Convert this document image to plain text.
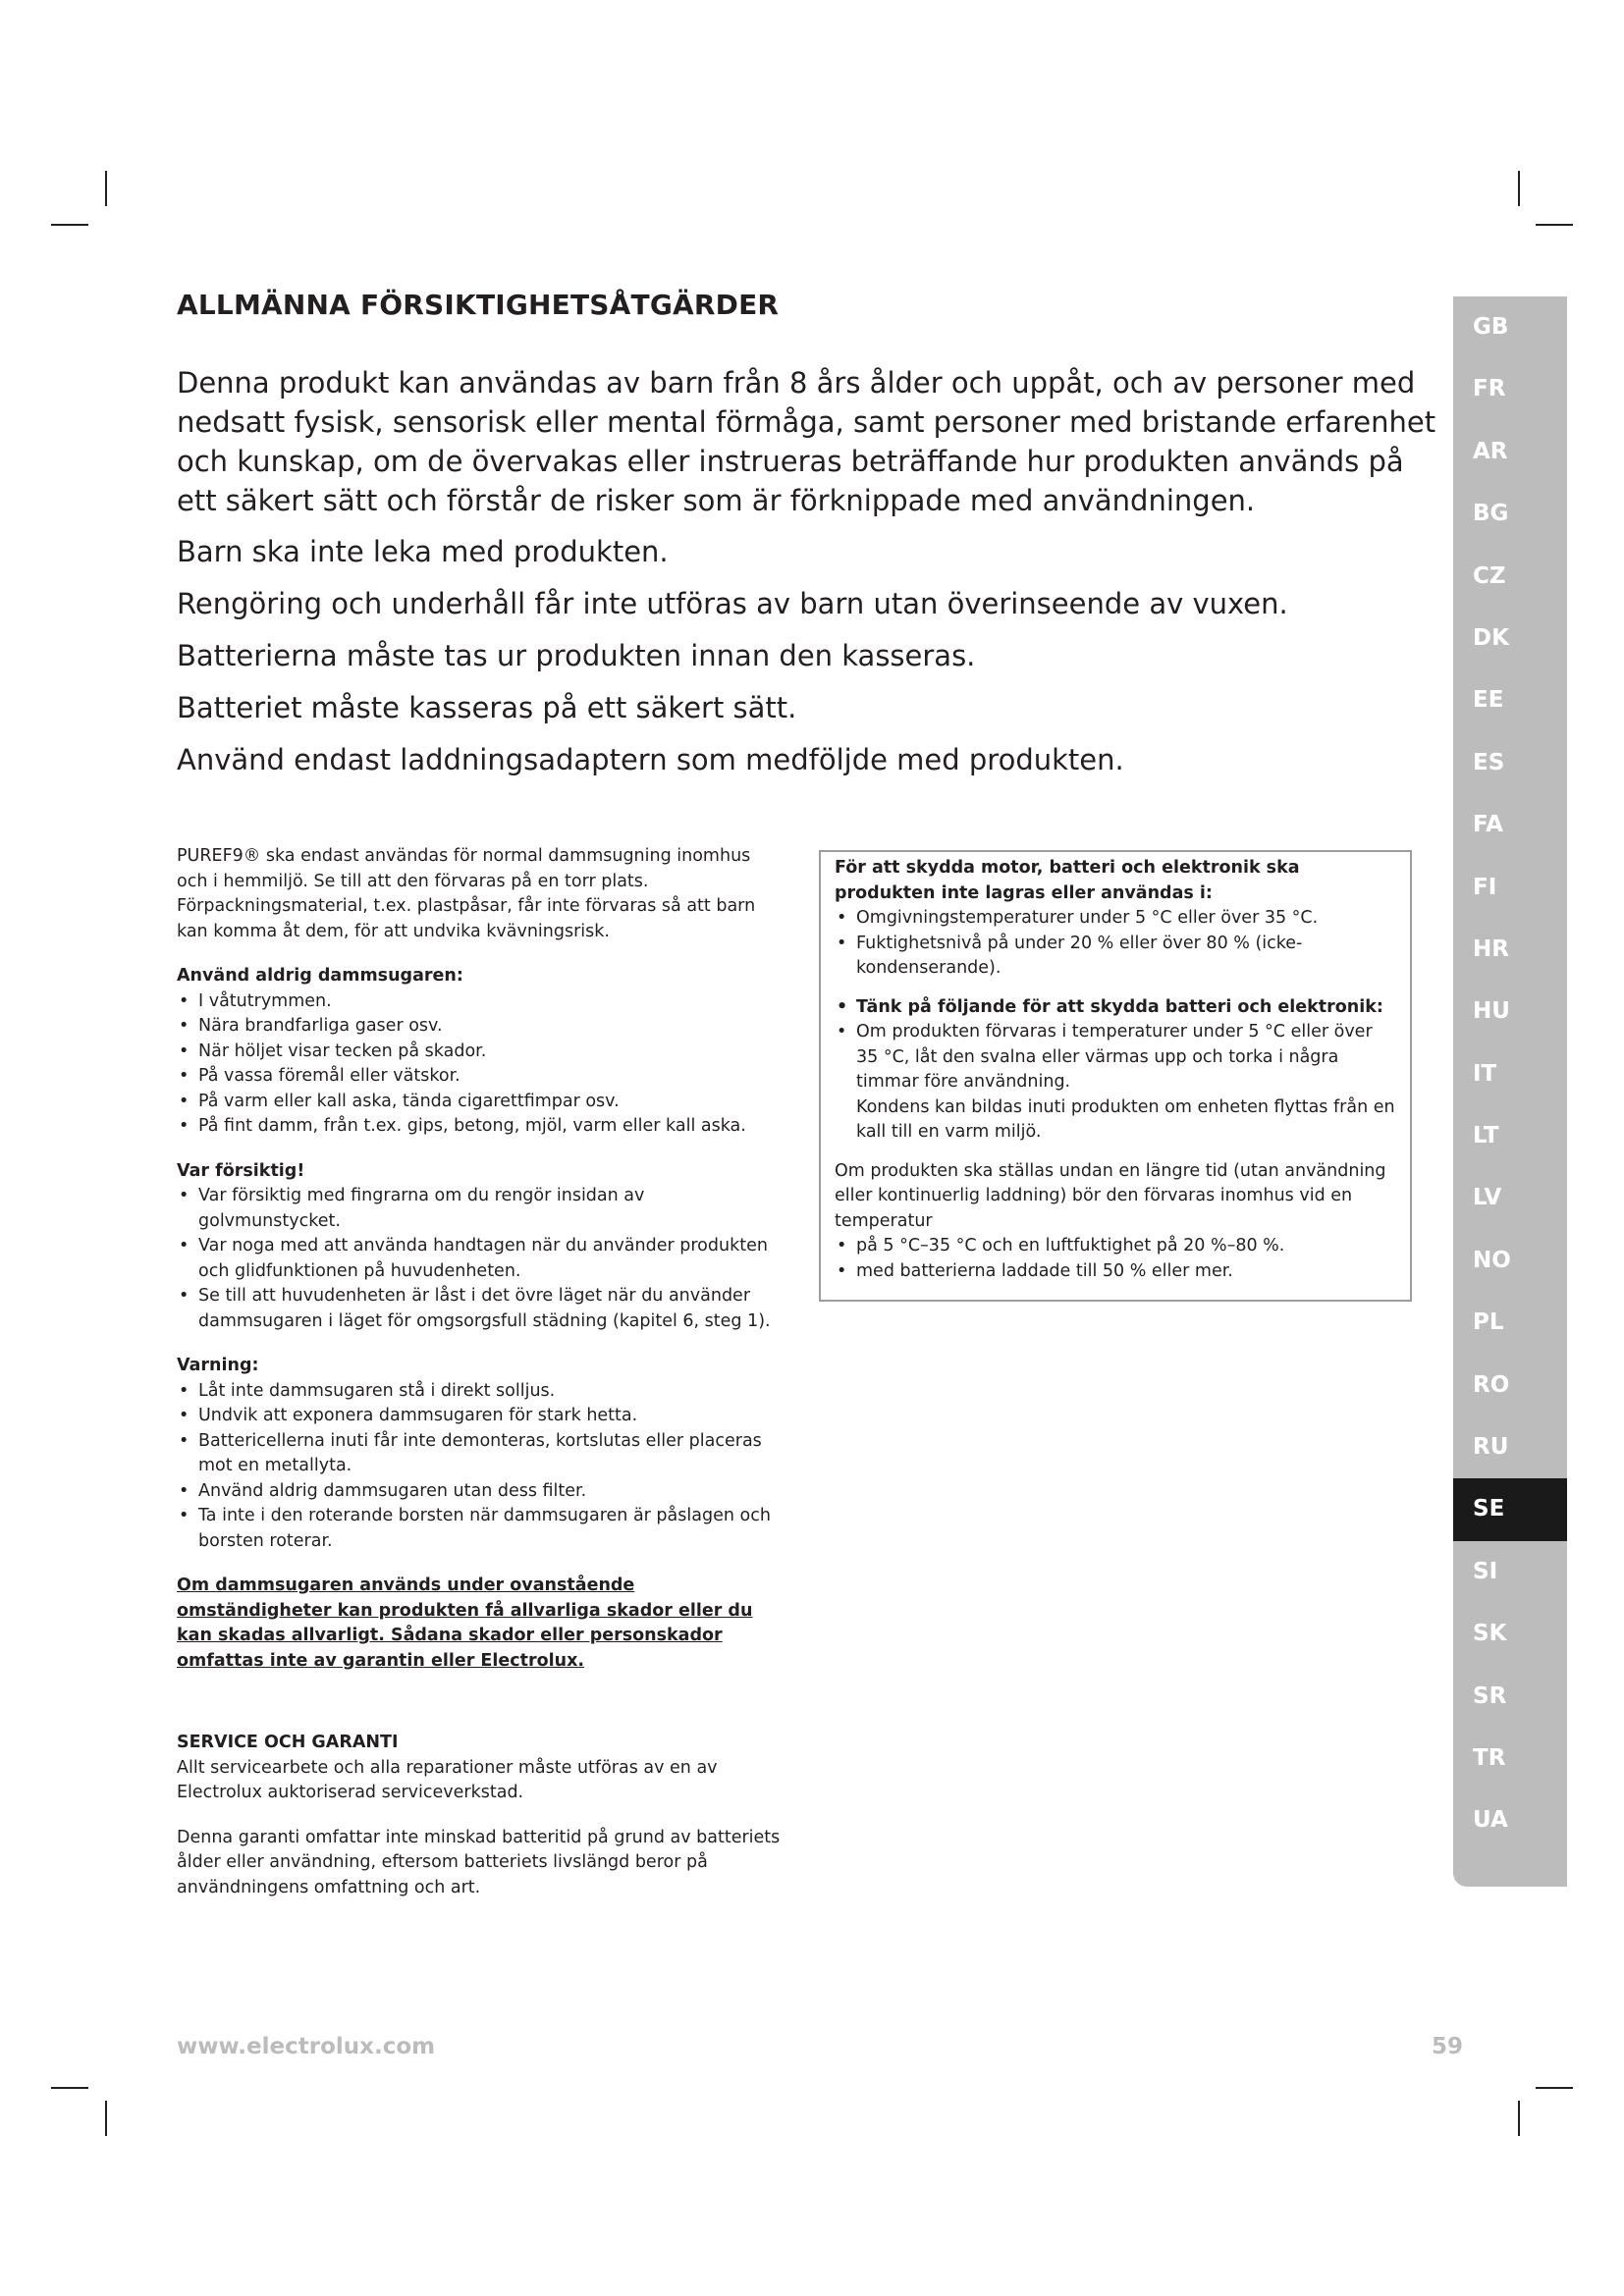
ALLMÄNNA FÖRSIKTIGHETSÅTGÄRDER

Denna produkt kan användas av barn från 8 års ålder och uppåt, och av personer med nedsatt fysisk, sensorisk eller mental förmåga, samt personer med bristande erfarenhet och kunskap, om de övervakas eller instrueras beträffande hur produkten används på ett säkert sätt och förstår de risker som är förknippade med användningen.

Barn ska inte leka med produkten.

Rengöring och underhåll får inte utföras av barn utan överinseende av vuxen.

Batterierna måste tas ur produkten innan den kasseras.

Batteriet måste kasseras på ett säkert sätt.

Använd endast laddningsadaptern som medföljde med produkten.

PUREF9® ska endast användas för normal dammsugning inomhus och i hemmiljö. Se till att den förvaras på en torr plats.

Förpackningsmaterial, t.ex. plastpåsar, får inte förvaras så att barn kan komma åt dem, för att undvika kvävningsrisk.

Använd aldrig dammsugaren:
• I våtutrymmen.
• Nära brandfarliga gaser osv.
• När höljet visar tecken på skador.
• På vassa föremål eller vätskor.
• På varm eller kall aska, tända cigarettfimpar osv.
• På fint damm, från t.ex. gips, betong, mjöl, varm eller kall aska.
Var försiktig!
• Var försiktig med fingrarna om du rengör insidan av golvmunstycket.
• Var noga med att använda handtagen när du använder produkten och glidfunktionen på huvudenheten.
• Se till att huvudenheten är låst i det övre läget när du använder dammsugaren i läget för omgsorgsfull städning (kapitel 6, steg 1).
Varning:
• Låt inte dammsugaren stå i direkt solljus.
• Undvik att exponera dammsugaren för stark hetta.
• Battericellerna inuti får inte demonteras, kortslutas eller placeras mot en metallyta.
• Använd aldrig dammsugaren utan dess filter.
• Ta inte i den roterande borsten när dammsugaren är påslagen och borsten roterar.

Om dammsugaren används under ovanstående omständigheter kan produkten få allvarliga skador eller du kan skadas allvarligt. Sådana skador eller personskador omfattas inte av garantin eller Electrolux.

SERVICE OCH GARANTI

Allt servicearbete och alla reparationer måste utföras av en av Electrolux auktoriserad serviceverkstad.

Denna garanti omfattar inte minskad batteritid på grund av batteriets ålder eller användning, eftersom batteriets livslängd beror på användningens omfattning och art.

För att skydda motor, batteri och elektronik ska produkten inte lagras eller användas i:

• Omgivningstemperaturer under 5 °C eller över 35 °C.
• Fuktighetsnivå på under 20 % eller över 80 % (icke-kondenserande).
• Tänk på följande för att skydda batteri och elektronik:
• Om produkten förvaras i temperaturer under 5 °C eller över 35 °C, låt den svalna eller värmas upp och torka i några timmar före användning.
Kondens kan bildas inuti produkten om enheten flyttas från en kall till en varm miljö.

Om produkten ska ställas undan en längre tid (utan användning eller kontinuerlig laddning) bör den förvaras inomhus vid en temperatur

• på 5 °C–35 °C och en luftfuktighet på 20 %–80 %.
• med batterierna laddade till 50 % eller mer.
GB
FR
AR
BG
CZ
DK
EE
ES
FA
FI
HR
HU
IT
LT
LV
NO
PL
RO
RU
SE
SI
SK
SR
TR
UA
www.electrolux.com	59
